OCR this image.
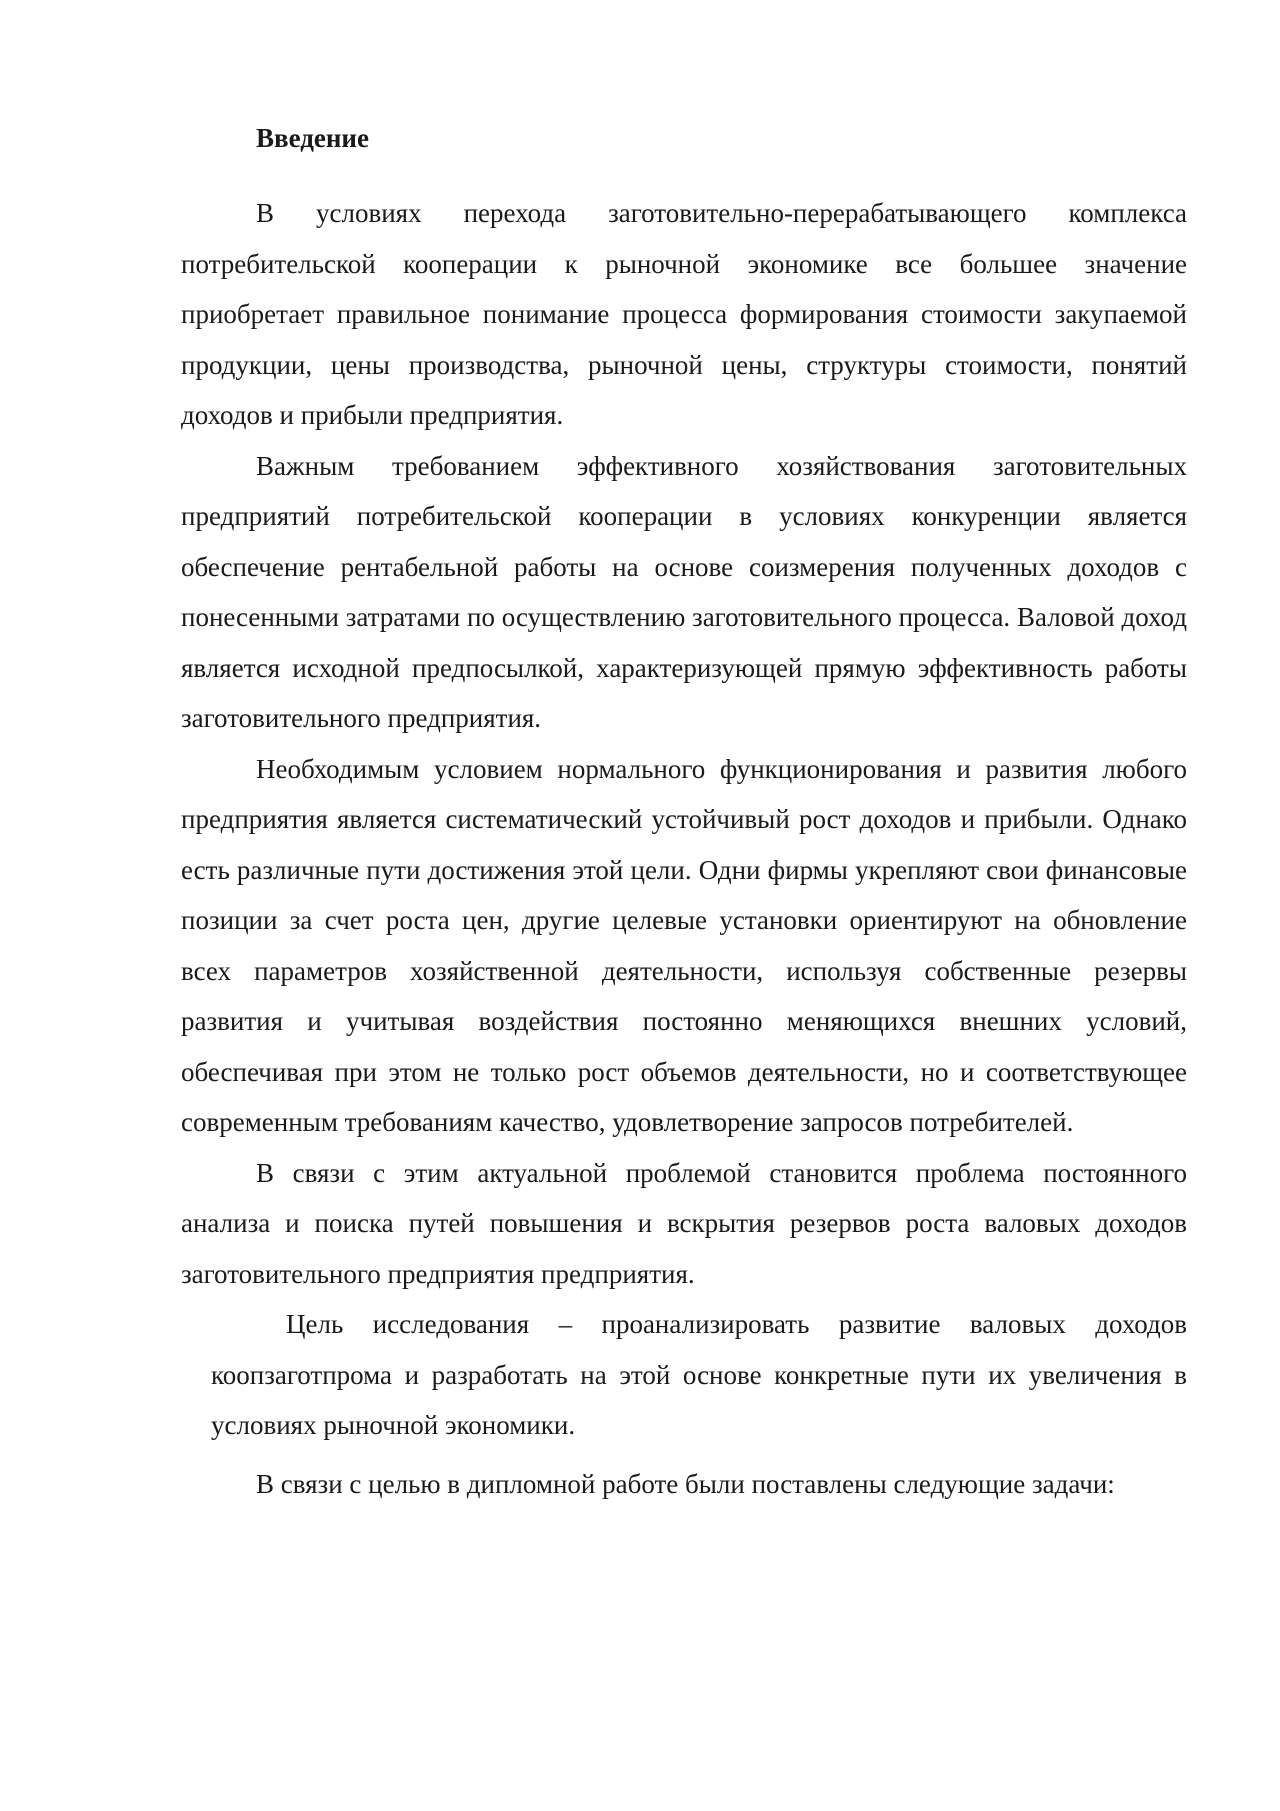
Введение

В условиях перехода заготовительно-перерабатывающего комплекса потребительской кооперации к рыночной экономике все большее значение приобретает правильное понимание процесса формирования стоимости закупаемой продукции, цены производства, рыночной цены, структуры стоимости, понятий доходов и прибыли предприятия.

Важным требованием эффективного хозяйствования заготовительных предприятий потребительской кооперации в условиях конкуренции является обеспечение рентабельной работы на основе соизмерения полученных доходов с понесенными затратами по осуществлению заготовительного процесса. Валовой доход является исходной предпосылкой, характеризующей прямую эффективность работы заготовительного предприятия.

Необходимым условием нормального функционирования и развития любого предприятия является систематический устойчивый рост доходов и прибыли. Однако есть различные пути достижения этой цели. Одни фирмы укрепляют свои финансовые позиции за счет роста цен, другие целевые установки ориентируют на обновление всех параметров хозяйственной деятельности, используя собственные резервы развития и учитывая воздействия постоянно меняющихся внешних условий, обеспечивая при этом не только рост объемов деятельности, но и соответствующее современным требованиям качество, удовлетворение запросов потребителей.

В связи с этим актуальной проблемой становится проблема постоянного анализа и поиска путей повышения и вскрытия резервов роста валовых доходов заготовительного предприятия предприятия.

Цель исследования – проанализировать развитие валовых доходов коопзаготпрома и разработать на этой основе конкретные пути их увеличения в условиях рыночной экономики.

В связи с целью в дипломной работе были поставлены следующие задачи:
